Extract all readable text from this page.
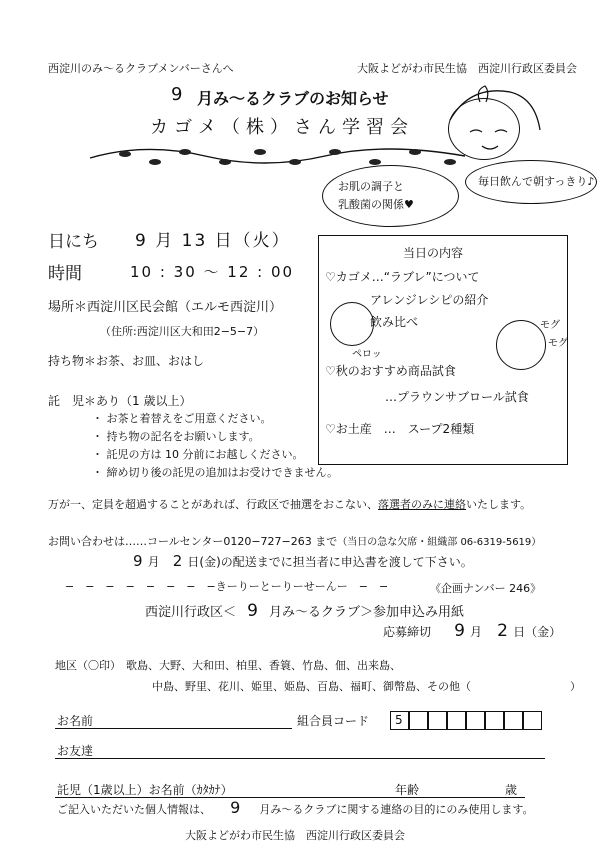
西淀川のみ〜るクラブメンバーさんへ	大阪よどがわ市民生協　西淀川行政区委員会
9 月み〜るクラブのお知らせ
カゴメ（株）さん学習会
お肌の調子と
乳酸菌の関係♥
毎日飲んで朝すっきり♪
日にち 9 月 13 日（火）
時間	10 : 30 〜 12 : 00
場所＊西淀川区民会館（エルモ西淀川）
（住所:西淀川区大和田2−5−7）
持ち物＊お茶、お皿、おはし
託　児＊あり（1 歳以上）
・ お茶と着替えをご用意ください。
・ 持ち物の記名をお願いします。
・ 託児の方は 10 分前にお越しください。
・ 締め切り後の託児の追加はお受けできません。
当日の内容
♡カゴメ…“ラブレ”について
アレンジレシピの紹介
飲み比べ
ペロッ
モグ
モグ
♡秋のおすすめ商品試食
…プラウンサブロール試食
♡お土産　…　スープ2種類
万が一、定員を超過することがあれば、行政区で抽選をおこない、落選者のみに連絡いたします。
お問い合わせは……コールセンター0120−727−263 まで（当日の急な欠席・組織部 06-6319-5619）
9 月 2 日(金)の配送までに担当者に申込書を渡して下さい。
−　−　−　−　−　−　−　−きーりーとーりーせーんー　−　−	《企画ナンバー 246》
西淀川行政区＜ 9 月み〜るクラブ＞参加申込み用紙
応募締切 9 月 2 日（金）
地区（〇印） 歌島、大野、大和田、柏里、香簑、竹島、佃、出来島、
中島、野里、花川、姫里、姫島、百島、福町、御幣島、その他（　　　　　　　　　）
お名前	組合員コード 5
お友達
託児（1歳以上）お名前（ｶﾀｶﾅ）	年齢	歳
ご記入いただいた個人情報は、 9 月み〜るクラブに関する連絡の目的にのみ使用します。
大阪よどがわ市民生協　西淀川行政区委員会
